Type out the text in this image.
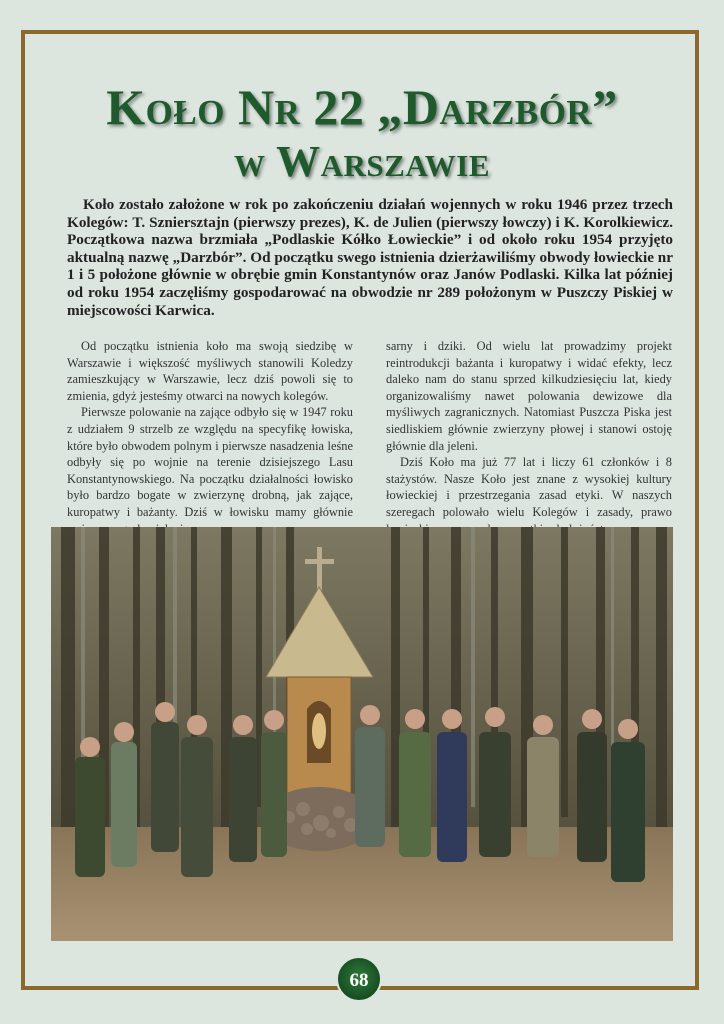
Koło Nr 22 „Darzbór”
w Warszawie

Koło zostało założone w rok po zakończeniu działań wojennych w roku 1946 przez trzech Kolegów: T. Szniersztajn (pierwszy prezes), K. de Julien (pierwszy łowczy) i K. Korolkiewicz. Początkowa nazwa brzmiała „Podlaskie Kółko Łowieckie” i od około roku 1954 przyjęto aktualną nazwę „Darzbór”. Od początku swego istnienia dzierżawiliśmy obwody łowieckie nr 1 i 5 położone głównie w obrębie gmin Konstantynów oraz Janów Podlaski. Kilka lat później od roku 1954 zaczęliśmy gospodarować na obwodzie nr 289 położonym w Puszczy Piskiej w miejscowości Karwica.

Od początku istnienia koło ma swoją siedzibę w Warszawie i większość myśliwych stanowili Koledzy zamieszkujący w Warszawie, lecz dziś powoli się to zmienia, gdyż jesteśmy otwarci na nowych kolegów.

Pierwsze polowanie na zające odbyło się w 1947 roku z udziałem 9 strzelb ze względu na specyfikę łowiska, które było obwodem polnym i pierwsze nasadzenia leśne odbyły się po wojnie na terenie dzisiejszego Lasu Konstantynowskiego. Na początku działalności łowisko było bardzo bogate w zwierzynę drobną, jak zające, kuropatwy i bażanty. Dziś w łowisku mamy głównie

sarny i dziki. Od wielu lat prowadzimy projekt reintrodukcji bażanta i kuropatwy i widać efekty, lecz daleko nam do stanu sprzed kilkudziesięciu lat, kiedy organizowaliśmy nawet polowania dewizowe dla myśliwych zagranicznych. Natomiast Puszcza Piska jest siedliskiem głównie zwierzyny płowej i stanowi ostoję głównie dla jeleni.

Dziś Koło ma już 77 lat i liczy 61 członków i 8 stażystów. Nasze Koło jest znane z wysokiej kultury łowieckiej i przestrzegania zasad etyki. W naszych szeregach polowało wielu Kolegów i zasady, prawo

68
